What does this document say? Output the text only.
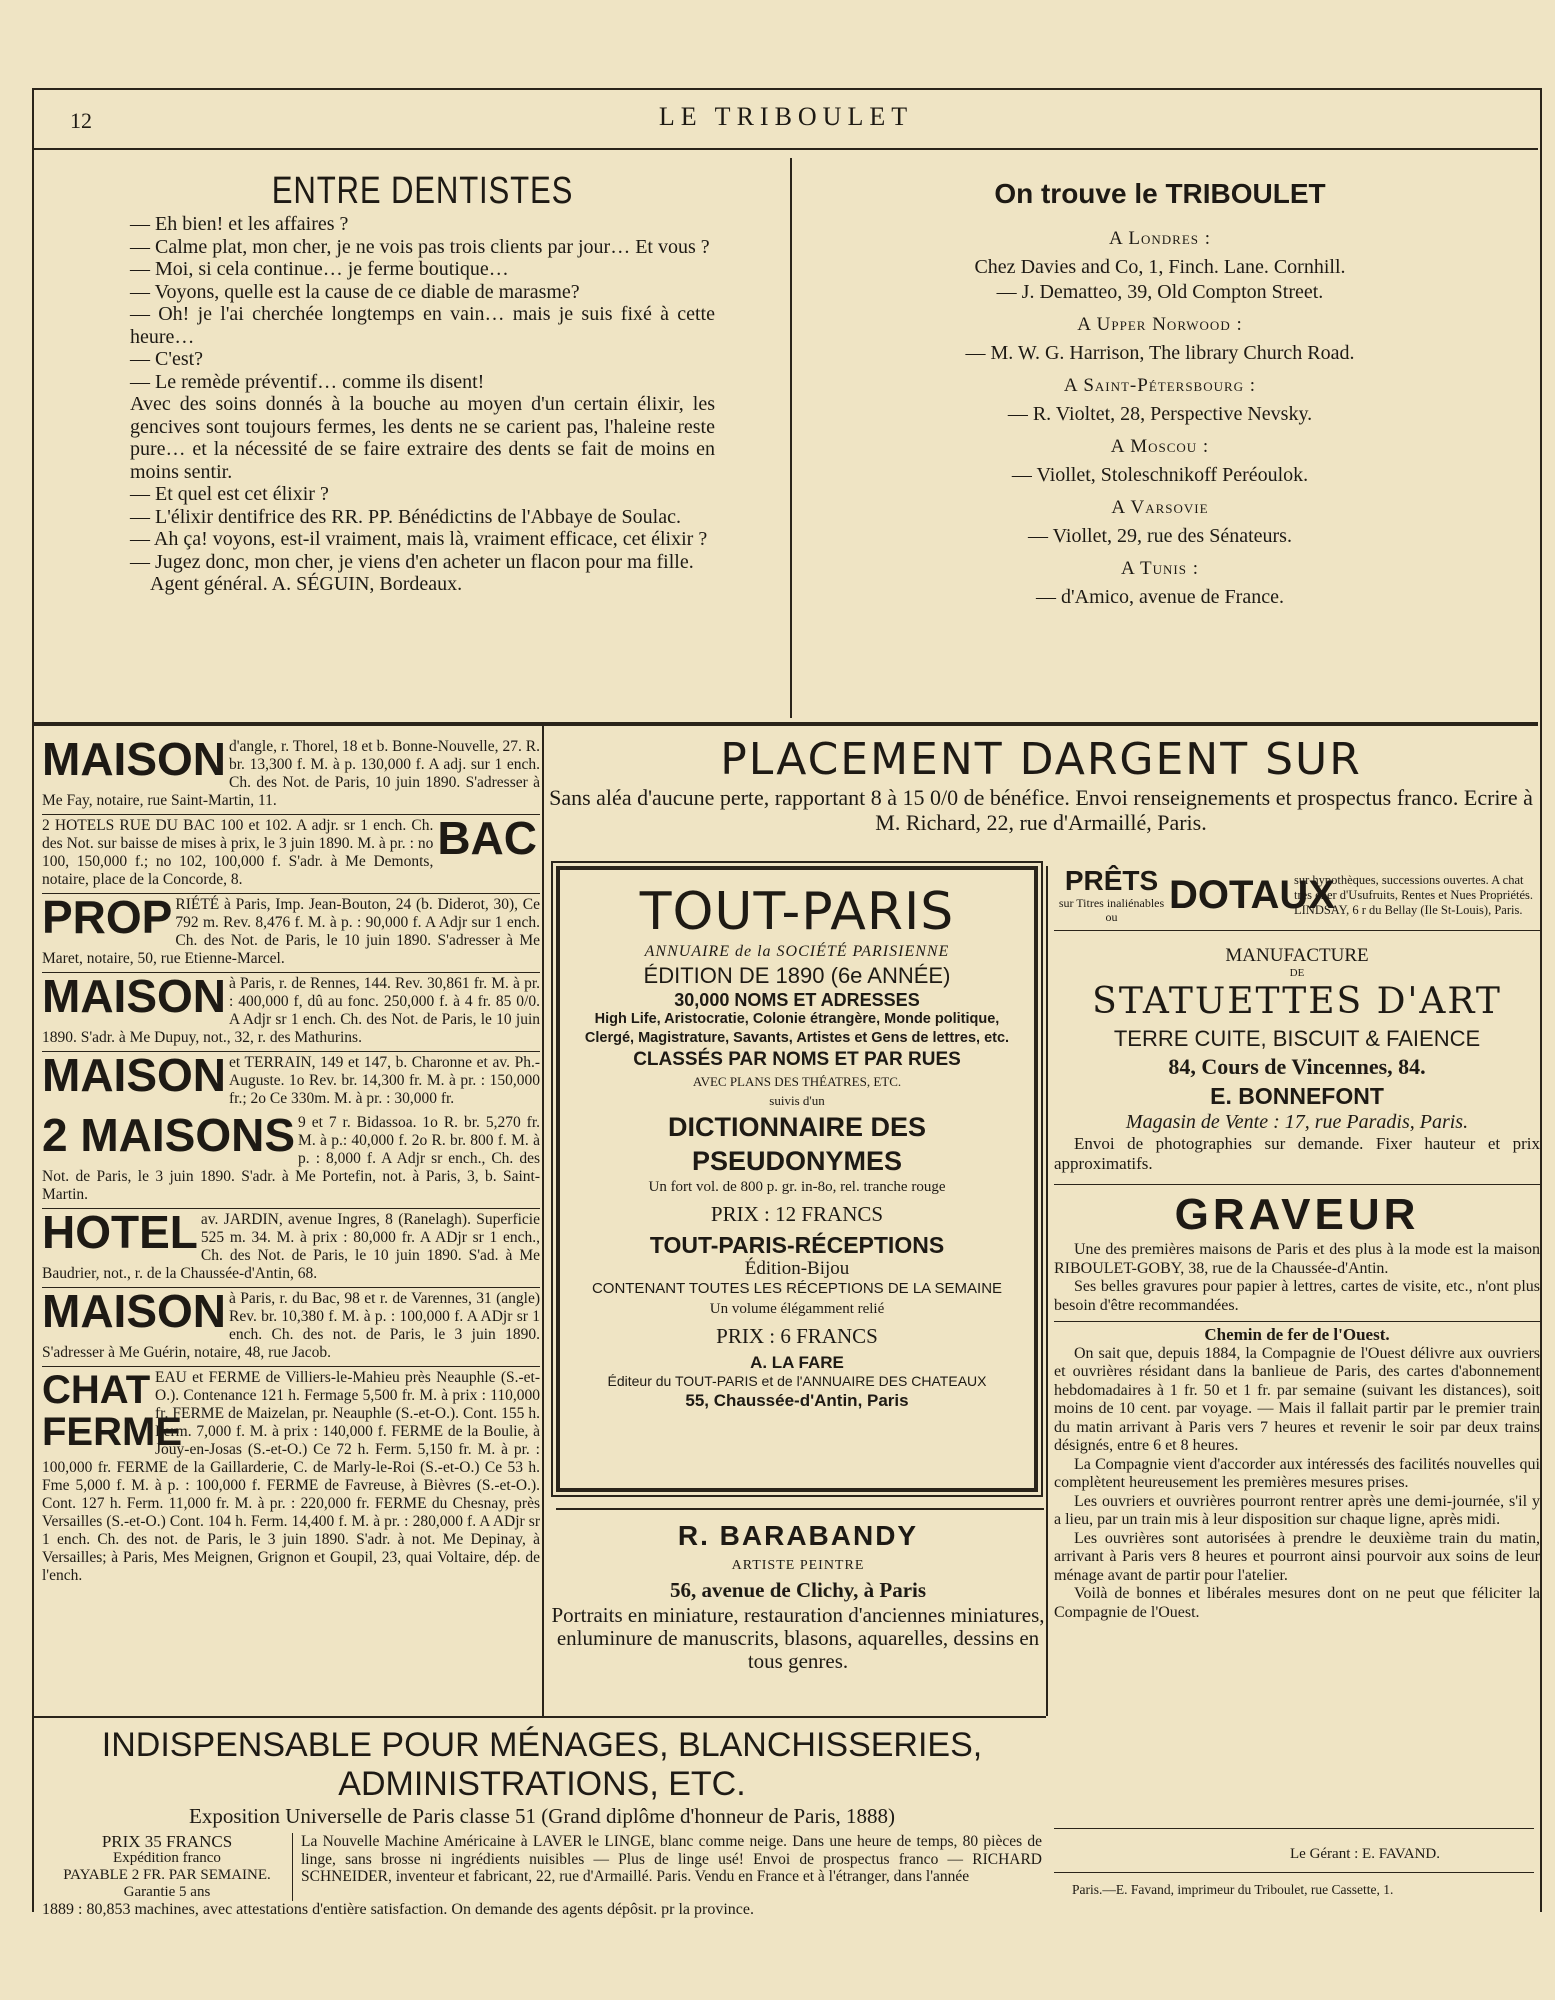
12	LE TRIBOULET
ENTRE DENTISTES

— Eh bien! et les affaires ?

— Calme plat, mon cher, je ne vois pas trois clients par jour… Et vous ?

— Moi, si cela continue… je ferme boutique…

— Voyons, quelle est la cause de ce diable de marasme?

— Oh! je l'ai cherchée longtemps en vain… mais je suis fixé à cette heure…

— C'est?

— Le remède préventif… comme ils disent!

Avec des soins donnés à la bouche au moyen d'un certain élixir, les gencives sont toujours fermes, les dents ne se carient pas, l'haleine reste pure… et la nécessité de se faire extraire des dents se fait de moins en moins sentir.

— Et quel est cet élixir ?

— L'élixir dentifrice des RR. PP. Bénédictins de l'Abbaye de Soulac.

— Ah ça! voyons, est-il vraiment, mais là, vraiment efficace, cet élixir ?

— Jugez donc, mon cher, je viens d'en acheter un flacon pour ma fille.

Agent général. A. SÉGUIN, Bordeaux.

On trouve le TRIBOULET
A Londres :
Chez Davies and Co, 1, Finch. Lane. Cornhill.
— J. Dematteo, 39, Old Compton Street.
A Upper Norwood :
— M. W. G. Harrison, The library Church Road.
A Saint-Pétersbourg :
— R. Violtet, 28, Perspective Nevsky.
A Moscou :
— Viollet, Stoleschnikoff Peréoulok.
A Varsovie
— Viollet, 29, rue des Sénateurs.
A Tunis :
— d'Amico, avenue de France.
MAISON d'angle, r. Thorel, 18 et b. Bonne-Nouvelle, 27. R. br. 13,300 f. M. à p. 130,000 f. A adj. sur 1 ench. Ch. des Not. de Paris, 10 juin 1890. S'adresser à Me Fay, notaire, rue Saint-Martin, 11.

BAC

2 HOTELS RUE DU BAC 100 et 102. A adjr. sr 1 ench. Ch. des Not. sur baisse de mises à prix, le 3 juin 1890. M. à pr. : no 100, 150,000 f.; no 102, 100,000 f. S'adr. à Me Demonts, notaire, place de la Concorde, 8.

PROP RIÉTÉ à Paris, Imp. Jean-Bouton, 24 (b. Diderot, 30), Ce 792 m. Rev. 8,476 f. M. à p. : 90,000 f. A Adjr sur 1 ench. Ch. des Not. de Paris, le 10 juin 1890. S'adresser à Me Maret, notaire, 50, rue Etienne-Marcel.

MAISON à Paris, r. de Rennes, 144. Rev. 30,861 fr. M. à pr. : 400,000 f, dû au fonc. 250,000 f. à 4 fr. 85 0/0. A Adjr sr 1 ench. Ch. des Not. de Paris, le 10 juin 1890. S'adr. à Me Dupuy, not., 32, r. des Mathurins.

MAISON et TERRAIN, 149 et 147, b. Charonne et av. Ph.-Auguste. 1o Rev. br. 14,300 fr. M. à pr. : 150,000 fr.; 2o Ce 330m. M. à pr. : 30,000 fr.

2 MAISONS 9 et 7 r. Bidassoa. 1o R. br. 5,270 fr. M. à p.: 40,000 f. 2o R. br. 800 f. M. à p. : 8,000 f. A Adjr sr ench., Ch. des Not. de Paris, le 3 juin 1890. S'adr. à Me Portefin, not. à Paris, 3, b. Saint-Martin.

HOTEL av. JARDIN, avenue Ingres, 8 (Ranelagh). Superficie 525 m. 34. M. à prix : 80,000 fr. A ADjr sr 1 ench., Ch. des Not. de Paris, le 10 juin 1890. S'ad. à Me Baudrier, not., r. de la Chaussée-d'Antin, 68.

MAISON à Paris, r. du Bac, 98 et r. de Varennes, 31 (angle) Rev. br. 10,380 f. M. à p. : 100,000 f. A ADjr sr 1 ench. Ch. des not. de Paris, le 3 juin 1890. S'adresser à Me Guérin, notaire, 48, rue Jacob.

CHAT FERME

EAU et FERME de Villiers-le-Mahieu près Neauphle (S.-et-O.). Contenance 121 h. Fermage 5,500 fr. M. à prix : 110,000 fr. FERME de Maizelan, pr. Neauphle (S.-et-O.). Cont. 155 h. Ferm. 7,000 f. M. à prix : 140,000 f. FERME de la Boulie, à Jouy-en-Josas (S.-et-O.) Ce 72 h. Ferm. 5,150 fr. M. à pr. : 100,000 fr. FERME de la Gaillarderie, C. de Marly-le-Roi (S.-et-O.) Ce 53 h. Fme 5,000 f. M. à p. : 100,000 f. FERME de Favreuse, à Bièvres (S.-et-O.). Cont. 127 h. Ferm. 11,000 fr. M. à pr. : 220,000 fr. FERME du Chesnay, près Versailles (S.-et-O.) Cont. 104 h. Ferm. 14,400 f. M. à pr. : 280,000 f. A ADjr sr 1 ench. Ch. des not. de Paris, le 3 juin 1890. S'adr. à not. Me Depinay, à Versailles; à Paris, Mes Meignen, Grignon et Goupil, 23, quai Voltaire, dép. de l'ench.

PLACEMENT DARGENT SUR

Sans aléa d'aucune perte, rapportant 8 à 15 0/0 de bénéfice. Envoi renseignements et prospectus franco. Ecrire à M. Richard, 22, rue d'Armaillé, Paris.

TOUT-PARIS

ANNUAIRE de la SOCIÉTÉ PARISIENNE

ÉDITION DE 1890 (6e ANNÉE)

30,000 NOMS ET ADRESSES

High Life, Aristocratie, Colonie étrangère, Monde politique, Clergé, Magistrature, Savants, Artistes et Gens de lettres, etc.

CLASSÉS PAR NOMS ET PAR RUES

AVEC PLANS DES THÉATRES, ETC.

suivis d'un

DICTIONNAIRE DES PSEUDONYMES

Un fort vol. de 800 p. gr. in-8o, rel. tranche rouge

PRIX : 12 FRANCS

TOUT-PARIS-RÉCEPTIONS

Édition-Bijou

CONTENANT TOUTES LES RÉCEPTIONS DE LA SEMAINE

Un volume élégamment relié

PRIX : 6 FRANCS

A. LA FARE

Éditeur du TOUT-PARIS et de l'ANNUAIRE DES CHATEAUX

55, Chaussée-d'Antin, Paris

R. BARABANDY

ARTISTE PEINTRE

56, avenue de Clichy, à Paris

Portraits en miniature, restauration d'anciennes miniatures, enluminure de manuscrits, blasons, aquarelles, dessins en tous genres.

PRÊTS
sur Titres inaliénables ou
DOTAUX
sur hypothèques, successions ouvertes. A chat très cher d'Usufruits, Rentes et Nues Propriétés. LINDSAY, 6 r du Bellay (Ile St-Louis), Paris.

MANUFACTURE

DE

STATUETTES D'ART

TERRE CUITE, BISCUIT & FAIENCE

84, Cours de Vincennes, 84.

E. BONNEFONT

Magasin de Vente : 17, rue Paradis, Paris.

Envoi de photographies sur demande. Fixer hauteur et prix approximatifs.

GRAVEUR

Une des premières maisons de Paris et des plus à la mode est la maison RIBOULET-GOBY, 38, rue de la Chaussée-d'Antin.

Ses belles gravures pour papier à lettres, cartes de visite, etc., n'ont plus besoin d'être recommandées.

Chemin de fer de l'Ouest.

On sait que, depuis 1884, la Compagnie de l'Ouest délivre aux ouvriers et ouvrières résidant dans la banlieue de Paris, des cartes d'abonnement hebdomadaires à 1 fr. 50 et 1 fr. par semaine (suivant les distances), soit moins de 10 cent. par voyage. — Mais il fallait partir par le premier train du matin arrivant à Paris vers 7 heures et revenir le soir par deux trains désignés, entre 6 et 8 heures.

La Compagnie vient d'accorder aux intéressés des facilités nouvelles qui complètent heureusement les premières mesures prises.

Les ouvriers et ouvrières pourront rentrer après une demi-journée, s'il y a lieu, par un train mis à leur disposition sur chaque ligne, après midi.

Les ouvrières sont autorisées à prendre le deuxième train du matin, arrivant à Paris vers 8 heures et pourront ainsi pourvoir aux soins de leur ménage avant de partir pour l'atelier.

Voilà de bonnes et libérales mesures dont on ne peut que féliciter la Compagnie de l'Ouest.

INDISPENSABLE POUR MÉNAGES, BLANCHISSERIES, ADMINISTRATIONS, ETC.
Exposition Universelle de Paris classe 51 (Grand diplôme d'honneur de Paris, 1888)
PRIX 35 FRANCS
Expédition franco
PAYABLE 2 FR. PAR SEMAINE.
Garantie 5 ans
La Nouvelle Machine Américaine à LAVER le LINGE, blanc comme neige. Dans une heure de temps, 80 pièces de linge, sans brosse ni ingrédients nuisibles — Plus de linge usé! Envoi de prospectus franco — RICHARD SCHNEIDER, inventeur et fabricant, 22, rue d'Armaillé. Paris. Vendu en France et à l'étranger, dans l'année
1889 : 80,853 machines, avec attestations d'entière satisfaction. On demande des agents dépôsit. pr la province.
Le Gérant : E. FAVAND.
Paris.—E. Favand, imprimeur du Triboulet, rue Cassette, 1.
